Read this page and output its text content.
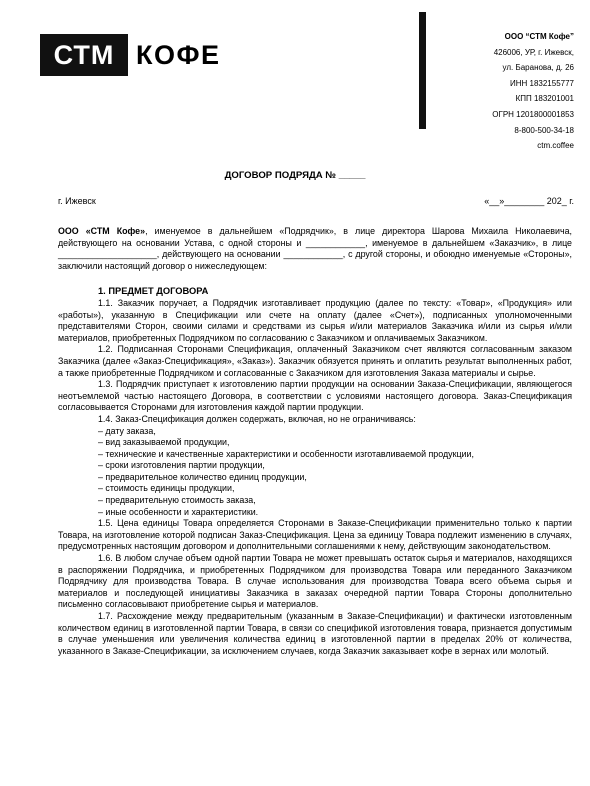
СТМ КОФЕ
ООО “СТМ Кофе”
426006, УР, г. Ижевск,
ул. Баранова, д. 26
ИНН 1832155777
КПП 183201001
ОГРН 1201800001853
8-800-500-34-18
ctm.coffee
ДОГОВОР ПОДРЯДА № _____
г. Ижевск	«__»________ 202_ г.

ООО «СТМ Кофе», именуемое в дальнейшем «Подрядчик», в лице директора Шарова Михаила Николаевича, действующего на основании Устава, с одной стороны и ____________, именуемое в дальнейшем «Заказчик», в лице ____________________, действующего на основании ____________, с другой стороны, и обоюдно именуемые «Стороны», заключили настоящий договор о нижеследующем:

1. ПРЕДМЕТ ДОГОВОРА

1.1. Заказчик поручает, а Подрядчик изготавливает продукцию (далее по тексту: «Товар», «Продукция» или «работы»), указанную в Спецификации или счете на оплату (далее «Счет»), подписанных уполномоченными представителями Сторон, своими силами и средствами из сырья и/или материалов Заказчика и/или из сырья и/или материалов, приобретенных Подрядчиком по согласованию с Заказчиком и оплачиваемых Заказчиком.

1.2. Подписанная Сторонами Спецификация, оплаченный Заказчиком счет являются согласованным заказом Заказчика (далее «Заказ-Спецификация», «Заказ»). Заказчик обязуется принять и оплатить результат выполненных работ, а также приобретенные Подрядчиком и согласованные с Заказчиком для изготовления Заказа материалы и сырье.

1.3. Подрядчик приступает к изготовлению партии продукции на основании Заказа-Спецификации, являющегося неотъемлемой частью настоящего Договора, в соответствии с условиями настоящего договора. Заказ-Спецификация согласовывается Сторонами для изготовления каждой партии продукции.

1.4. Заказ-Спецификация должен содержать, включая, но не ограничиваясь:

– дату заказа,
– вид заказываемой продукции,
– технические и качественные характеристики и особенности изготавливаемой продукции,
– сроки изготовления партии продукции,
– предварительное количество единиц продукции,
– стоимость единицы продукции,
– предварительную стоимость заказа,
– иные особенности и характеристики.

1.5. Цена единицы Товара определяется Сторонами в Заказе-Спецификации применительно только к партии Товара, на изготовление которой подписан Заказ-Спецификация. Цена за единицу Товара подлежит изменению в случаях, предусмотренных настоящим договором и дополнительными соглашениями к нему, действующим законодательством.

1.6. В любом случае объем одной партии Товара не может превышать остаток сырья и материалов, находящихся в распоряжении Подрядчика, и приобретенных Подрядчиком для производства Товара или переданного Заказчиком Подрядчику для производства Товара. В случае использования для производства Товара всего объема сырья и материалов и последующей инициативы Заказчика в заказах очередной партии Товара Стороны дополнительно письменно согласовывают приобретение сырья и материалов.

1.7. Расхождение между предварительным (указанным в Заказе-Спецификации) и фактически изготовленным количеством единиц в изготовленной партии Товара, в связи со спецификой изготовления товара, признается допустимым в случае уменьшения или увеличения количества единиц в изготовленной партии в пределах 20% от количества, указанного в Заказе-Спецификации, за исключением случаев, когда Заказчик заказывает кофе в зернах или молотый.
